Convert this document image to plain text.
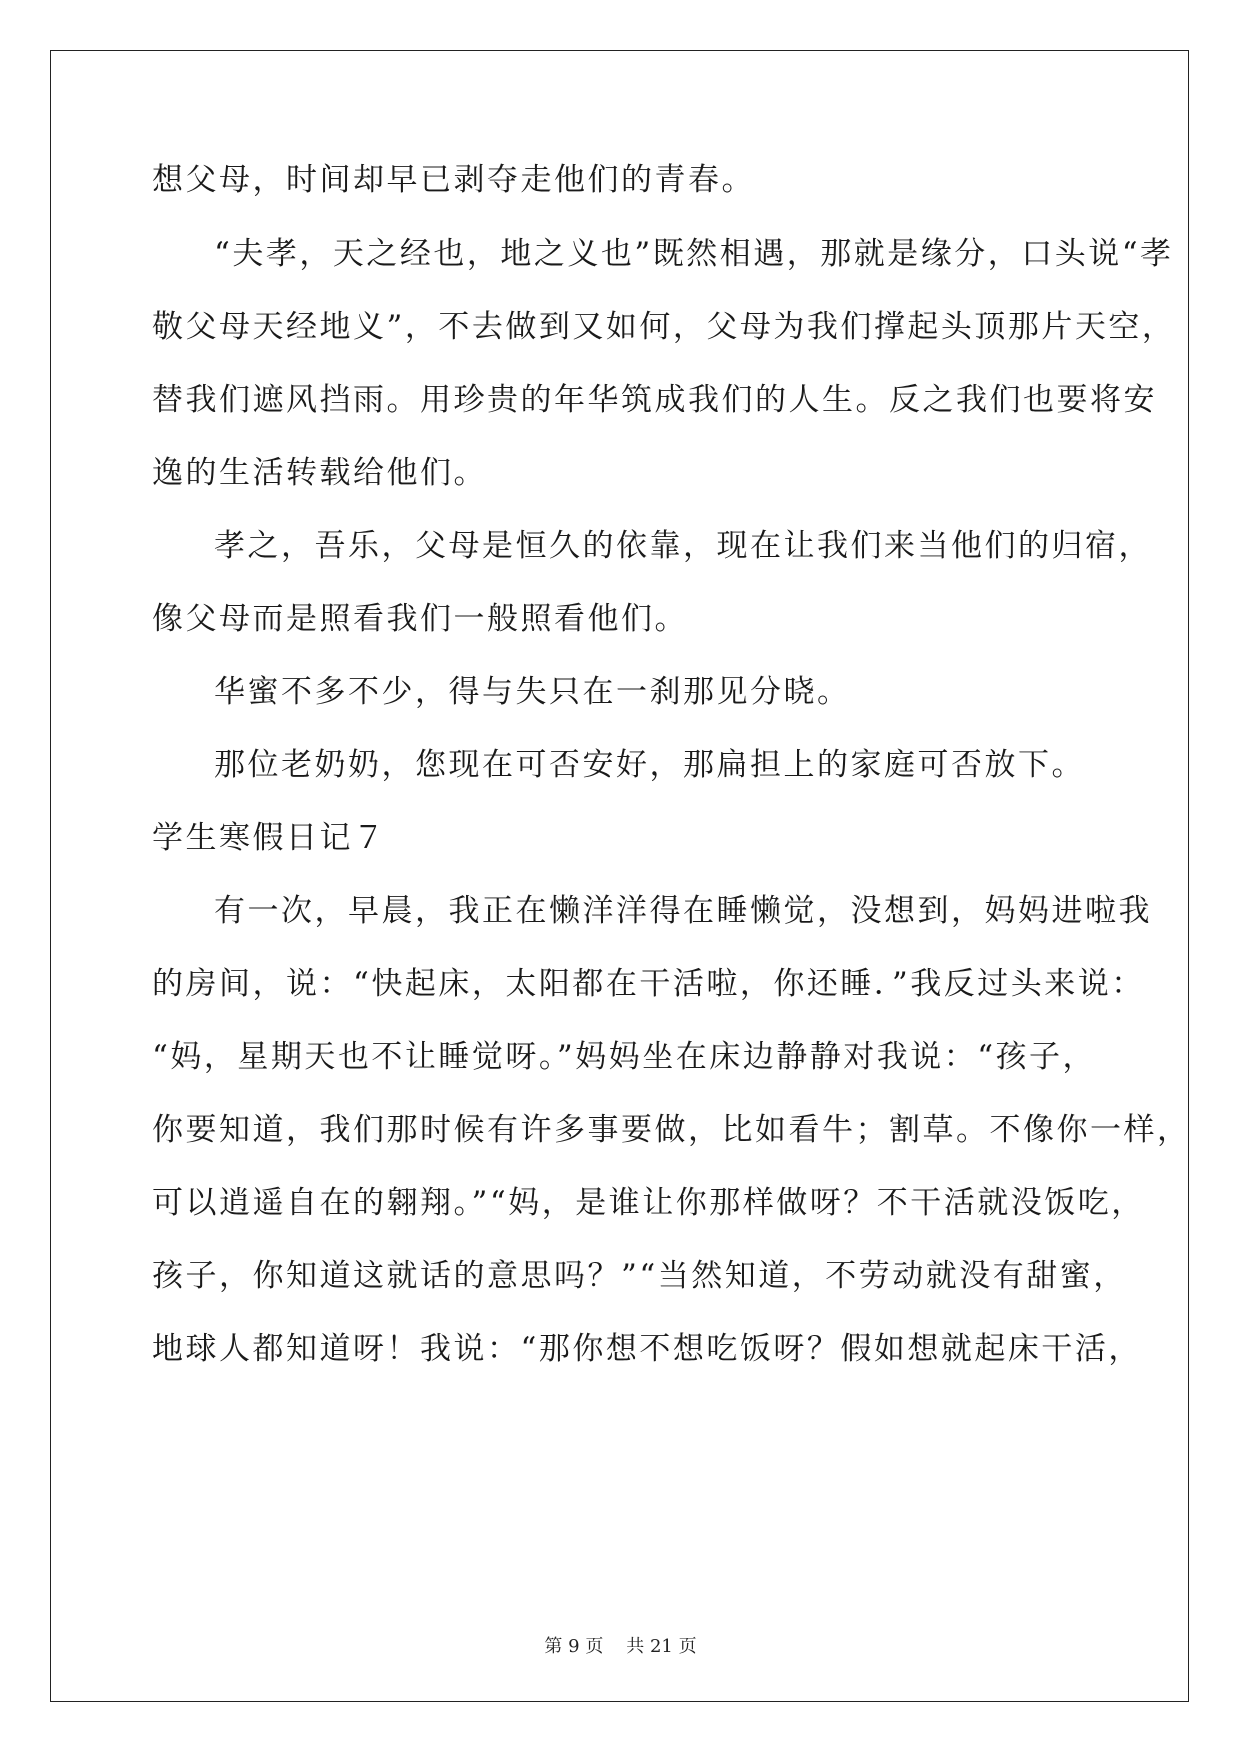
想父母，时间却早已剥夺走他们的青春。
“夫孝，天之经也，地之义也”既然相遇，那就是缘分，口头说“孝
敬父母天经地义”，不去做到又如何，父母为我们撑起头顶那片天空，
替我们遮风挡雨。用珍贵的年华筑成我们的人生。反之我们也要将安
逸的生活转载给他们。
孝之，吾乐，父母是恒久的依靠，现在让我们来当他们的归宿，
像父母而是照看我们一般照看他们。
华蜜不多不少，得与失只在一刹那见分晓。
那位老奶奶，您现在可否安好，那扁担上的家庭可否放下。
学生寒假日记７
有一次，早晨，我正在懒洋洋得在睡懒觉，没想到，妈妈进啦我
的房间，说：“快起床，太阳都在干活啦，你还睡．”我反过头来说：
“妈，星期天也不让睡觉呀。”妈妈坐在床边静静对我说：“孩子，
你要知道，我们那时候有许多事要做，比如看牛；割草。不像你一样，
可以逍遥自在的翱翔。”“妈，是谁让你那样做呀？不干活就没饭吃，
孩子，你知道这就话的意思吗？”“当然知道，不劳动就没有甜蜜，
地球人都知道呀！我说：“那你想不想吃饭呀？假如想就起床干活，
第 9 页 共 21 页
